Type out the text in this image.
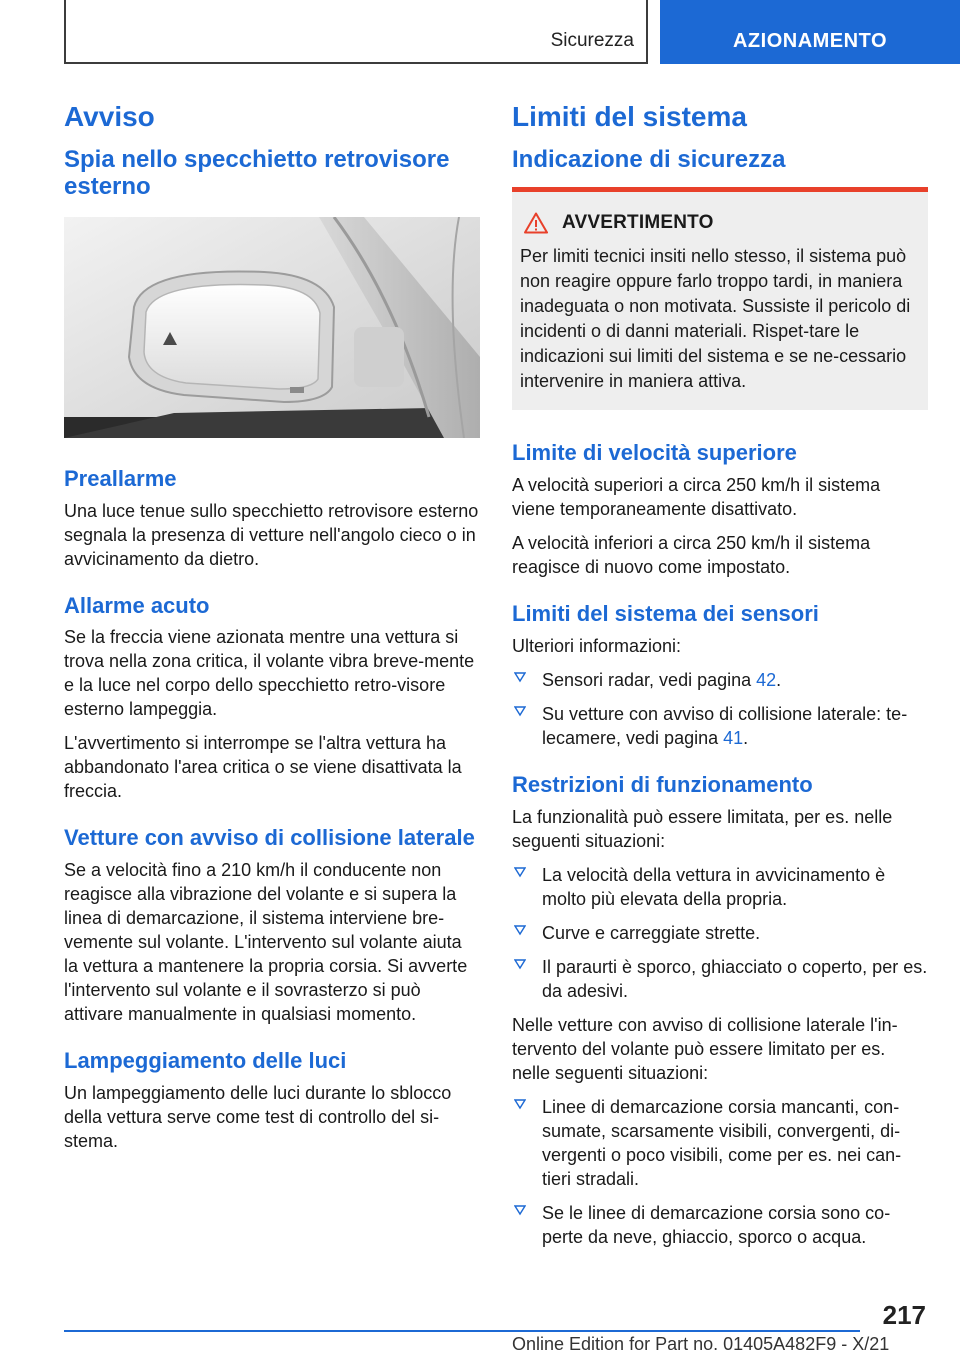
Sicurezza	AZIONAMENTO
Avviso
Spia nello specchietto retrovisore esterno
Preallarme

Una luce tenue sullo specchietto retrovisore esterno segnala la presenza di vetture nell'angolo cieco o in avvicinamento da dietro.

Allarme acuto

Se la freccia viene azionata mentre una vettura si trova nella zona critica, il volante vibra breve-mente e la luce nel corpo dello specchietto retro-visore esterno lampeggia.

L'avvertimento si interrompe se l'altra vettura ha abbandonato l'area critica o se viene disattivata la freccia.

Vetture con avviso di collisione laterale

Se a velocità fino a 210 km/h il conducente non reagisce alla vibrazione del volante e si supera la linea di demarcazione, il sistema interviene bre-vemente sul volante. L'intervento sul volante aiuta la vettura a mantenere la propria corsia. Si avverte l'intervento sul volante e il sovrasterzo si può attivare manualmente in qualsiasi momento.

Lampeggiamento delle luci

Un lampeggiamento delle luci durante lo sblocco della vettura serve come test di controllo del si-stema.

Limiti del sistema
Indicazione di sicurezza
AVVERTIMENTO

Per limiti tecnici insiti nello stesso, il sistema può non reagire oppure farlo troppo tardi, in maniera inadeguata o non motivata. Sussiste il pericolo di incidenti o di danni materiali. Rispet-tare le indicazioni sui limiti del sistema e se ne-cessario intervenire in maniera attiva.

Limite di velocità superiore

A velocità superiori a circa 250 km/h il sistema viene temporaneamente disattivato.

A velocità inferiori a circa 250 km/h il sistema reagisce di nuovo come impostato.

Limiti del sistema dei sensori

Ulteriori informazioni:

Sensori radar, vedi pagina 42.
Su vetture con avviso di collisione laterale: te-lecamere, vedi pagina 41.
Restrizioni di funzionamento

La funzionalità può essere limitata, per es. nelle seguenti situazioni:

La velocità della vettura in avvicinamento è molto più elevata della propria.
Curve e carreggiate strette.
Il paraurti è sporco, ghiacciato o coperto, per es. da adesivi.

Nelle vetture con avviso di collisione laterale l'in-tervento del volante può essere limitato per es. nelle seguenti situazioni:

Linee di demarcazione corsia mancanti, con-sumate, scarsamente visibili, convergenti, di-vergenti o poco visibili, come per es. nei can-tieri stradali.
Se le linee di demarcazione corsia sono co-perte da neve, ghiaccio, sporco o acqua.
217
Online Edition for Part no. 01405A482F9 - X/21
